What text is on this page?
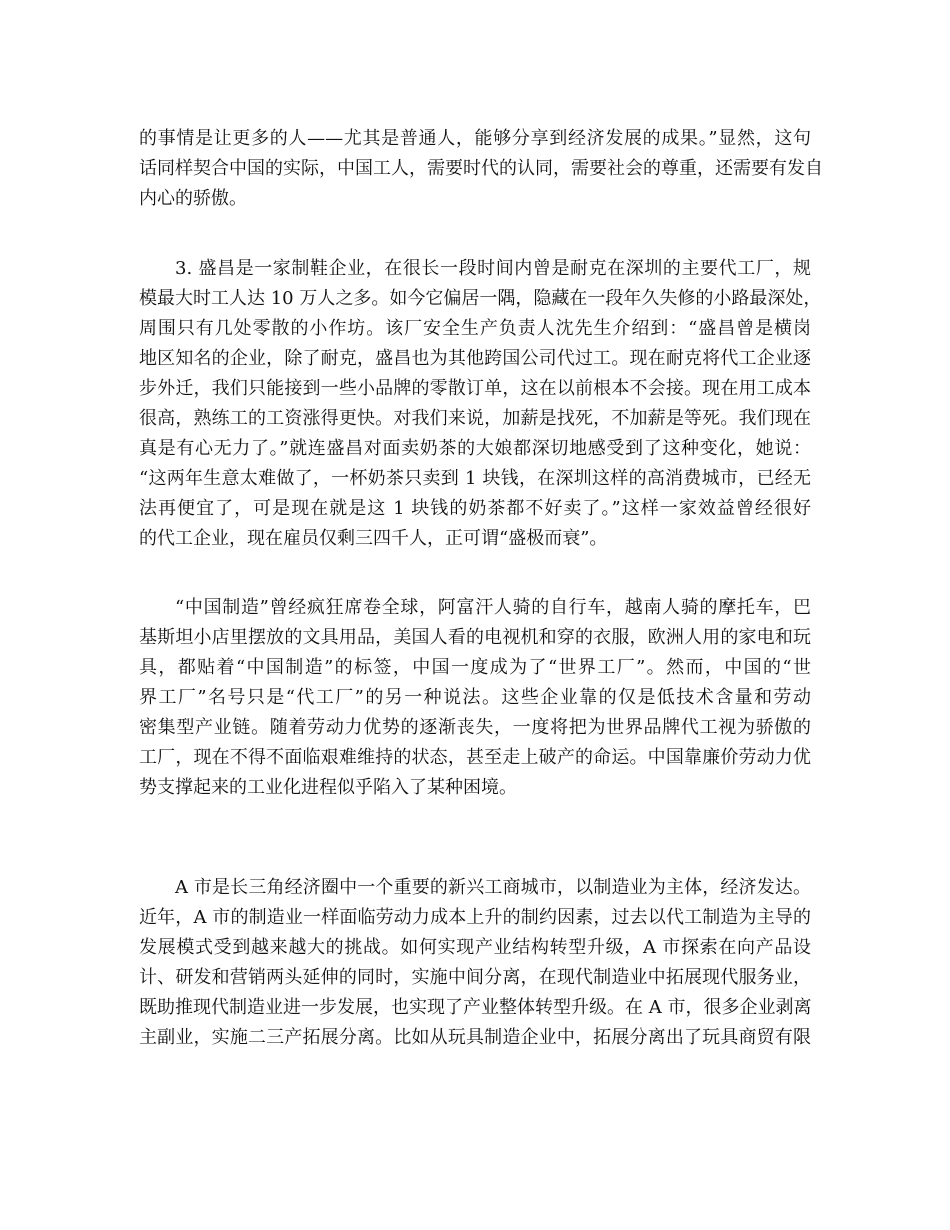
的事情是让更多的人——尤其是普通人，能够分享到经济发展的成果。”显然，这句
话同样契合中国的实际，中国工人，需要时代的认同，需要社会的尊重，还需要有发自
内心的骄傲。

3. 盛昌是一家制鞋企业，在很长一段时间内曾是耐克在深圳的主要代工厂，规
模最大时工人达 10 万人之多。如今它偏居一隅，隐藏在一段年久失修的小路最深处，
周围只有几处零散的小作坊。该厂安全生产负责人沈先生介绍到：“盛昌曾是横岗
地区知名的企业，除了耐克，盛昌也为其他跨国公司代过工。现在耐克将代工企业逐
步外迁，我们只能接到一些小品牌的零散订单，这在以前根本不会接。现在用工成本
很高，熟练工的工资涨得更快。对我们来说，加薪是找死，不加薪是等死。我们现在
真是有心无力了。”就连盛昌对面卖奶茶的大娘都深切地感受到了这种变化，她说：
“这两年生意太难做了，一杯奶茶只卖到 1 块钱，在深圳这样的高消费城市，已经无
法再便宜了，可是现在就是这 1 块钱的奶茶都不好卖了。”这样一家效益曾经很好
的代工企业，现在雇员仅剩三四千人，正可谓“盛极而衰”。

“中国制造”曾经疯狂席卷全球，阿富汗人骑的自行车，越南人骑的摩托车，巴
基斯坦小店里摆放的文具用品，美国人看的电视机和穿的衣服，欧洲人用的家电和玩
具，都贴着“中国制造”的标签，中国一度成为了“世界工厂”。然而，中国的“世
界工厂”名号只是“代工厂”的另一种说法。这些企业靠的仅是低技术含量和劳动
密集型产业链。随着劳动力优势的逐渐丧失，一度将把为世界品牌代工视为骄傲的
工厂，现在不得不面临艰难维持的状态，甚至走上破产的命运。中国靠廉价劳动力优
势支撑起来的工业化进程似乎陷入了某种困境。

A 市是长三角经济圈中一个重要的新兴工商城市，以制造业为主体，经济发达。
近年，A 市的制造业一样面临劳动力成本上升的制约因素，过去以代工制造为主导的
发展模式受到越来越大的挑战。如何实现产业结构转型升级，A 市探索在向产品设
计、研发和营销两头延伸的同时，实施中间分离，在现代制造业中拓展现代服务业，
既助推现代制造业进一步发展，也实现了产业整体转型升级。在 A 市，很多企业剥离
主副业，实施二三产拓展分离。比如从玩具制造企业中，拓展分离出了玩具商贸有限
